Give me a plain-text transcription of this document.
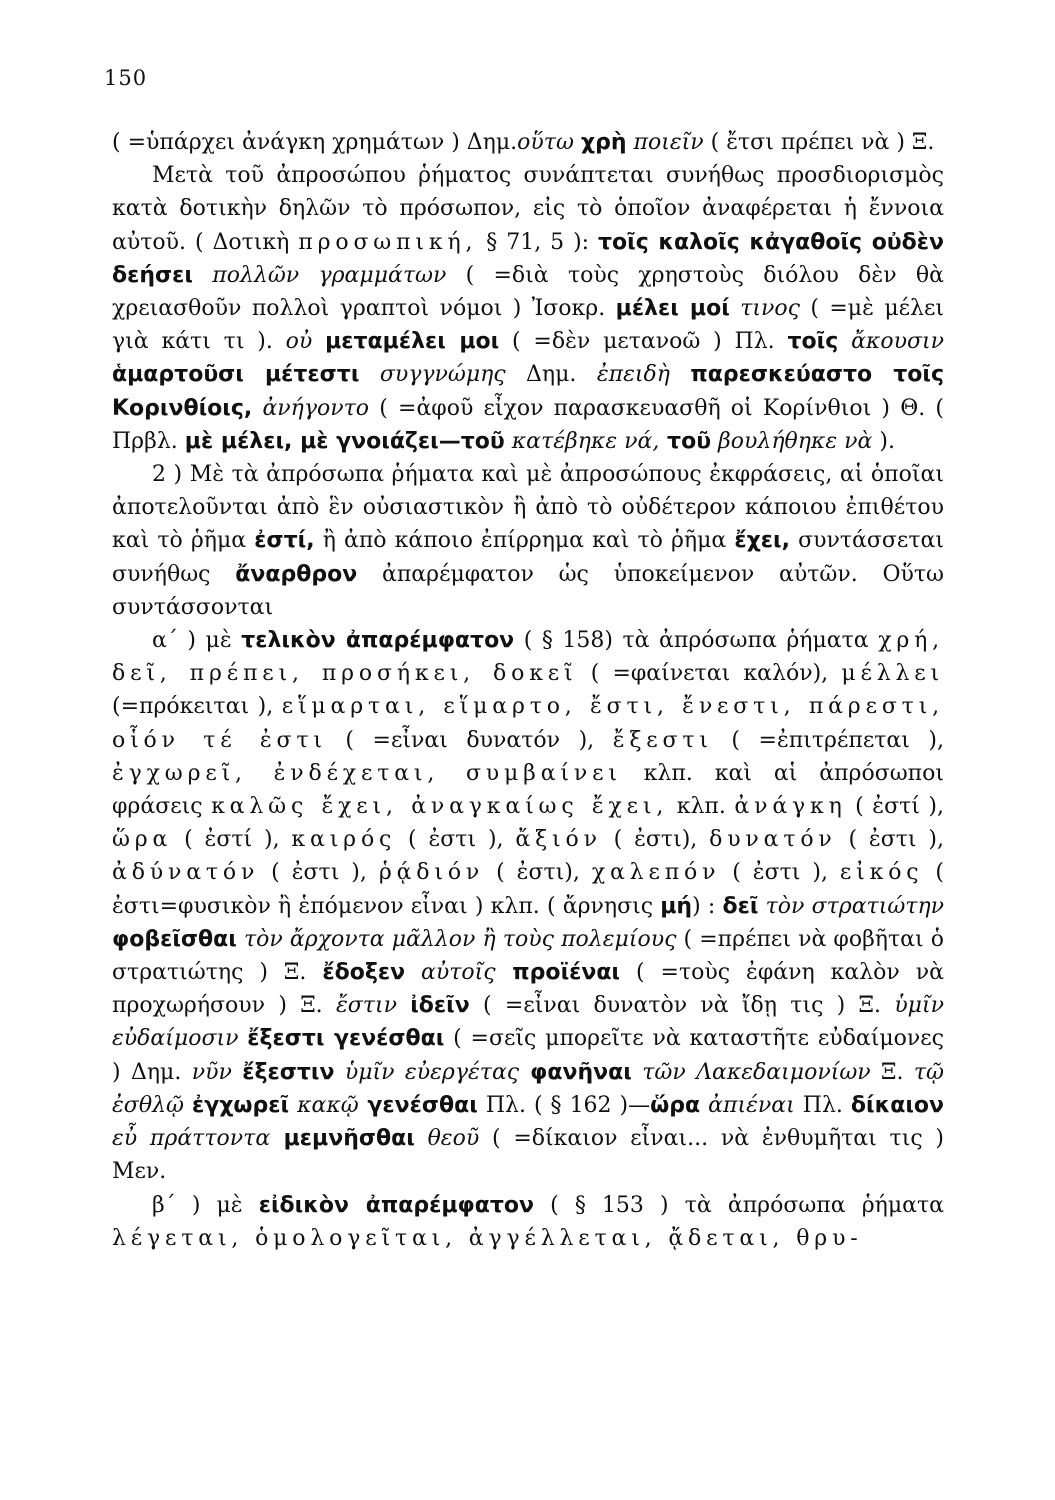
150

( =ὑπάρχει ἀνάγκη χρημάτων ) Δημ.οὕτω χρὴ ποιεῖν ( ἔτσι πρέπει νὰ ) Ξ.

Μετὰ τοῦ ἀπροσώπου ῥήματος συνάπτεται συνήθως προσδιορισμὸς κατὰ δοτικὴν δηλῶν τὸ πρόσωπον, εἰς τὸ ὁποῖον ἀναφέρεται ἡ ἔννοια αὐτοῦ. ( Δοτικὴ προσωπική, § 71, 5 ): τοῖς καλοῖς κἀγαθοῖς οὐδὲν δεήσει πολλῶν γραμμάτων ( =διὰ τοὺς χρηστοὺς διόλου δὲν θὰ χρειασθοῦν πολλοὶ γραπτοὶ νόμοι ) Ἰσοκρ. μέλει μοί τινος ( =μὲ μέλει γιὰ κάτι τι ). οὐ μεταμέλει μοι ( =δὲν μετανοῶ ) Πλ. τοῖς ἄκουσιν ἁμαρτοῦσι μέτεστι συγγνώμης Δημ. ἐπειδὴ παρεσκεύαστο τοῖς Κορινθίοις, ἀνήγοντο ( =ἀφοῦ εἶχον παρασκευασθῆ οἱ Κορίνθιοι ) Θ. ( Πρβλ. μὲ μέλει, μὲ γνοιάζει—τοῦ κατέβηκε νά, τοῦ βουλήθηκε νὰ ).

2 ) Μὲ τὰ ἀπρόσωπα ῥήματα καὶ μὲ ἀπροσώπους ἐκφράσεις, αἱ ὁποῖαι ἀποτελοῦνται ἀπὸ ἓν οὐσιαστικὸν ἢ ἀπὸ τὸ οὐδέτερον κάποιου ἐπιθέτου καὶ τὸ ῥῆμα ἐστί, ἢ ἀπὸ κάποιο ἐπίρρημα καὶ τὸ ῥῆμα ἔχει, συντάσσεται συνήθως ἄναρθρον ἀπαρέμφατον ὡς ὑποκείμενον αὐτῶν. Οὕτω συντάσσονται

α΄ ) μὲ τελικὸν ἀπαρέμφατον ( § 158) τὰ ἀπρόσωπα ῥήματα χρή, δεῖ, πρέπει, προσήκει, δοκεῖ ( =φαίνεται καλόν), μέλλει (=πρόκειται ), εἵμαρται, εἵμαρτο, ἔστι, ἔνεστι, πάρεστι, οἷόν τέ ἐστι ( =εἶναι δυνατόν ), ἔξεστι ( =ἐπιτρέπεται ), ἐγχωρεῖ, ἐνδέχεται, συμβαίνει κλπ. καὶ αἱ ἀπρόσωποι φράσεις καλῶς ἔχει, ἀναγκαίως ἔχει, κλπ. ἀνάγκη ( ἐστί ), ὥρα ( ἐστί ), καιρός ( ἐστι ), ἄξιόν ( ἐστι), δυνατόν ( ἐστι ), ἀδύνατόν ( ἐστι ), ῥᾴδιόν ( ἐστι), χαλεπόν ( ἐστι ), εἰκός ( ἐστι=φυσικὸν ἢ ἑπόμενον εἶναι ) κλπ. ( ἄρνησις μή) : δεῖ τὸν στρατιώτην φοβεῖσθαι τὸν ἄρχοντα μᾶλλον ἢ τοὺς πολεμίους ( =πρέπει νὰ φοβῆται ὁ στρατιώτης ) Ξ. ἔδοξεν αὐτοῖς προϊέναι ( =τοὺς ἐφάνη καλὸν νὰ προχωρήσουν ) Ξ. ἔστιν ἰδεῖν ( =εἶναι δυνατὸν νὰ ἴδῃ τις ) Ξ. ὑμῖν εὐδαίμοσιν ἔξεστι γενέσθαι ( =σεῖς μπορεῖτε νὰ καταστῆτε εὐδαίμονες ) Δημ. νῦν ἔξεστιν ὑμῖν εὐεργέτας φανῆναι τῶν Λακεδαιμονίων Ξ. τῷ ἐσθλῷ ἐγχωρεῖ κακῷ γενέσθαι Πλ. ( § 162 )—ὥρα ἀπιέναι Πλ. δίκαιον εὖ πράττοντα μεμνῆσθαι θεοῦ ( =δίκαιον εἶναι... νὰ ἐνθυμῆται τις ) Μεν.

β΄ ) μὲ εἰδικὸν ἀπαρέμφατον ( § 153 ) τὰ ἀπρόσωπα ῥήματα λέγεται, ὁμολογεῖται, ἀγγέλλεται, ᾄδεται, θρυ-
